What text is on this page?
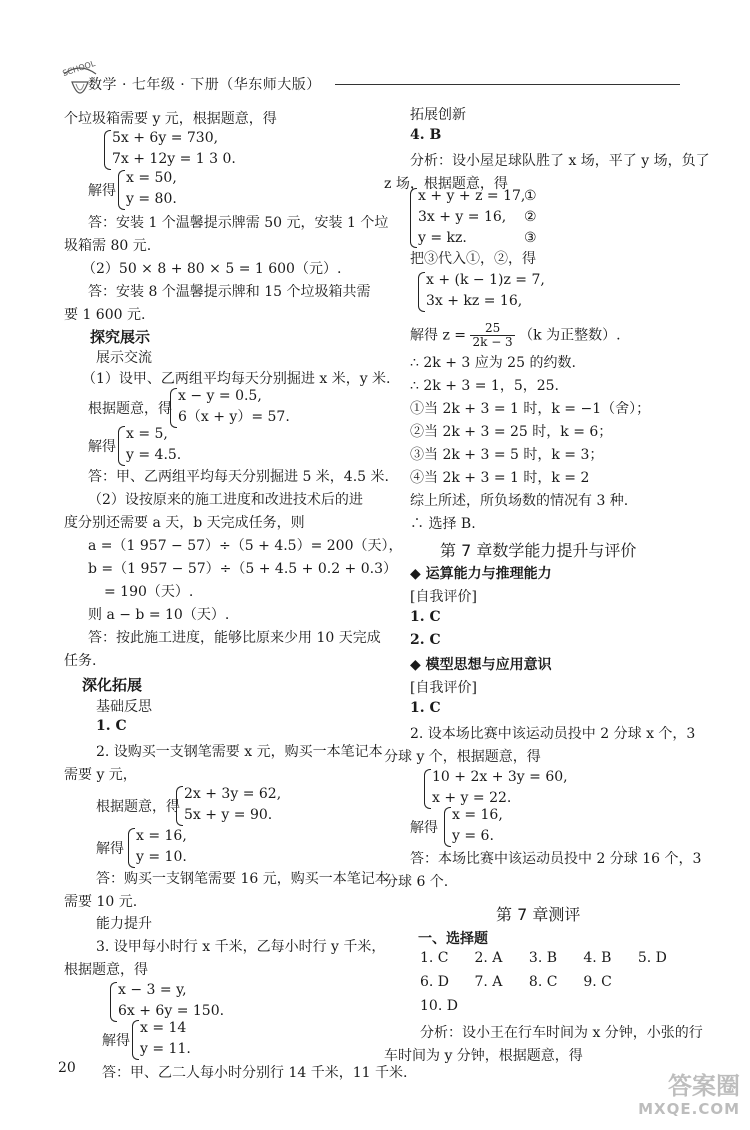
SCHOOL
数学 · 七年级 · 下册（华东师大版）
个垃圾箱需要 y 元，根据题意，得
5x + 6y = 730,
7x + 12y = 1 3 0.
解得
x = 50,
y = 80.
答：安装 1 个温馨提示牌需 50 元，安装 1 个垃
圾箱需 80 元.
（2）50 × 8 + 80 × 5 = 1 600（元）.
答：安装 8 个温馨提示牌和 15 个垃圾箱共需
要 1 600 元.
探究展示
展示交流
（1）设甲、乙两组平均每天分别掘进 x 米，y 米.
根据题意，得
x − y = 0.5,
6（x + y）= 57.
解得
x = 5,
y = 4.5.
答：甲、乙两组平均每天分别掘进 5 米，4.5 米.
（2）设按原来的施工进度和改进技术后的进
度分别还需要 a 天，b 天完成任务，则
a =（1 957 − 57）÷（5 + 4.5）= 200（天），
b =（1 957 − 57）÷（5 + 4.5 + 0.2 + 0.3）
= 190（天）.
则 a − b = 10（天）.
答：按此施工进度，能够比原来少用 10 天完成
任务.
深化拓展
基础反思
1. C
2. 设购买一支钢笔需要 x 元，购买一本笔记本
需要 y 元，
根据题意，得
2x + 3y = 62,
5x + y = 90.
解得
x = 16,
y = 10.
答：购买一支钢笔需要 16 元，购买一本笔记本
需要 10 元.
能力提升
3. 设甲每小时行 x 千米，乙每小时行 y 千米，
根据题意，得
x − 3 = y,
6x + 6y = 150.
解得
x = 14
y = 11.
答：甲、乙二人每小时分别行 14 千米，11 千米.
拓展创新
4. B
分析：设小屋足球队胜了 x 场，平了 y 场，负了
z 场，根据题意，得
x + y + z = 17,
3x + y = 16,
y = kz.
①
②
③
把③代入①，②，得
x + (k − 1)z = 7,
3x + kz = 16,
解得 $z = \frac{25}{2k - 3} (k$ 为正整数）.
∴ 2k + 3 应为 25 的约数.
∴ 2k + 3 = 1，5，25.
①当 2k + 3 = 1 时，k = −1（舍）；
②当 2k + 3 = 25 时，k = 6；
③当 2k + 3 = 5 时，k = 3；
④当 2k + 3 = 1 时，k = 2
综上所述，所负场数的情况有 3 种.
∴ 选择 B.
第 7 章数学能力提升与评价
◆ 运算能力与推理能力
[自我评价]
1. C
2. C
◆ 模型思想与应用意识
[自我评价]
1. C
2. 设本场比赛中该运动员投中 2 分球 x 个，3
分球 y 个，根据题意，得
10 + 2x + 3y = 60,
x + y = 22.
解得
x = 16,
y = 6.
答：本场比赛中该运动员投中 2 分球 16 个，3
分球 6 个.
第 7 章测评
一、选择题
1. C 2. A 3. B 4. B 5. D
6. D 7. A 8. C 9. C
10. D
分析：设小王在行车时间为 x 分钟，小张的行
车时间为 y 分钟，根据题意，得
20
答案圈
MXQE.COM
